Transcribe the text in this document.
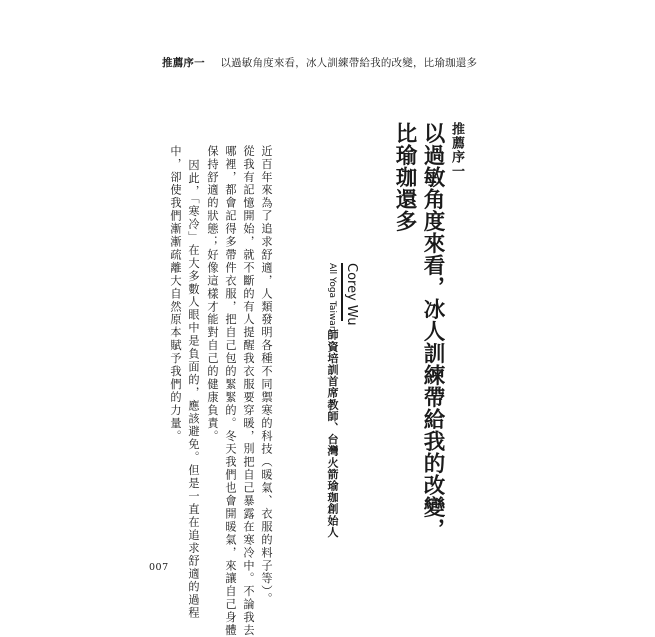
推薦序一 以過敏角度來看，冰人訓練帶給我的改變，比瑜珈還多
推薦序一
以過敏角度來看，冰人訓練帶給我的改變，
比瑜珈還多
Corey Wu
All Yoga Taiwan
師資培訓首席教師、台灣火箭瑜珈創始人
近百年來為了追求舒適，人類發明各種不同禦寒的科技（暖氣、衣服的料子等）。
從我有記憶開始，就不斷的有人提醒我衣服要穿暖，別把自己暴露在寒冷中。不論我去
哪裡，都會記得多帶件衣服，把自己包的緊緊的。冬天我們也會開暖氣，來讓自己身體
保持舒適的狀態；好像這樣才能對自己的健康負責。
因此，「寒冷」在大多數人眼中是負面的，應該避免。但是一直在追求舒適的過程
中，卻使我們漸漸疏離大自然原本賦予我們的力量。
007
